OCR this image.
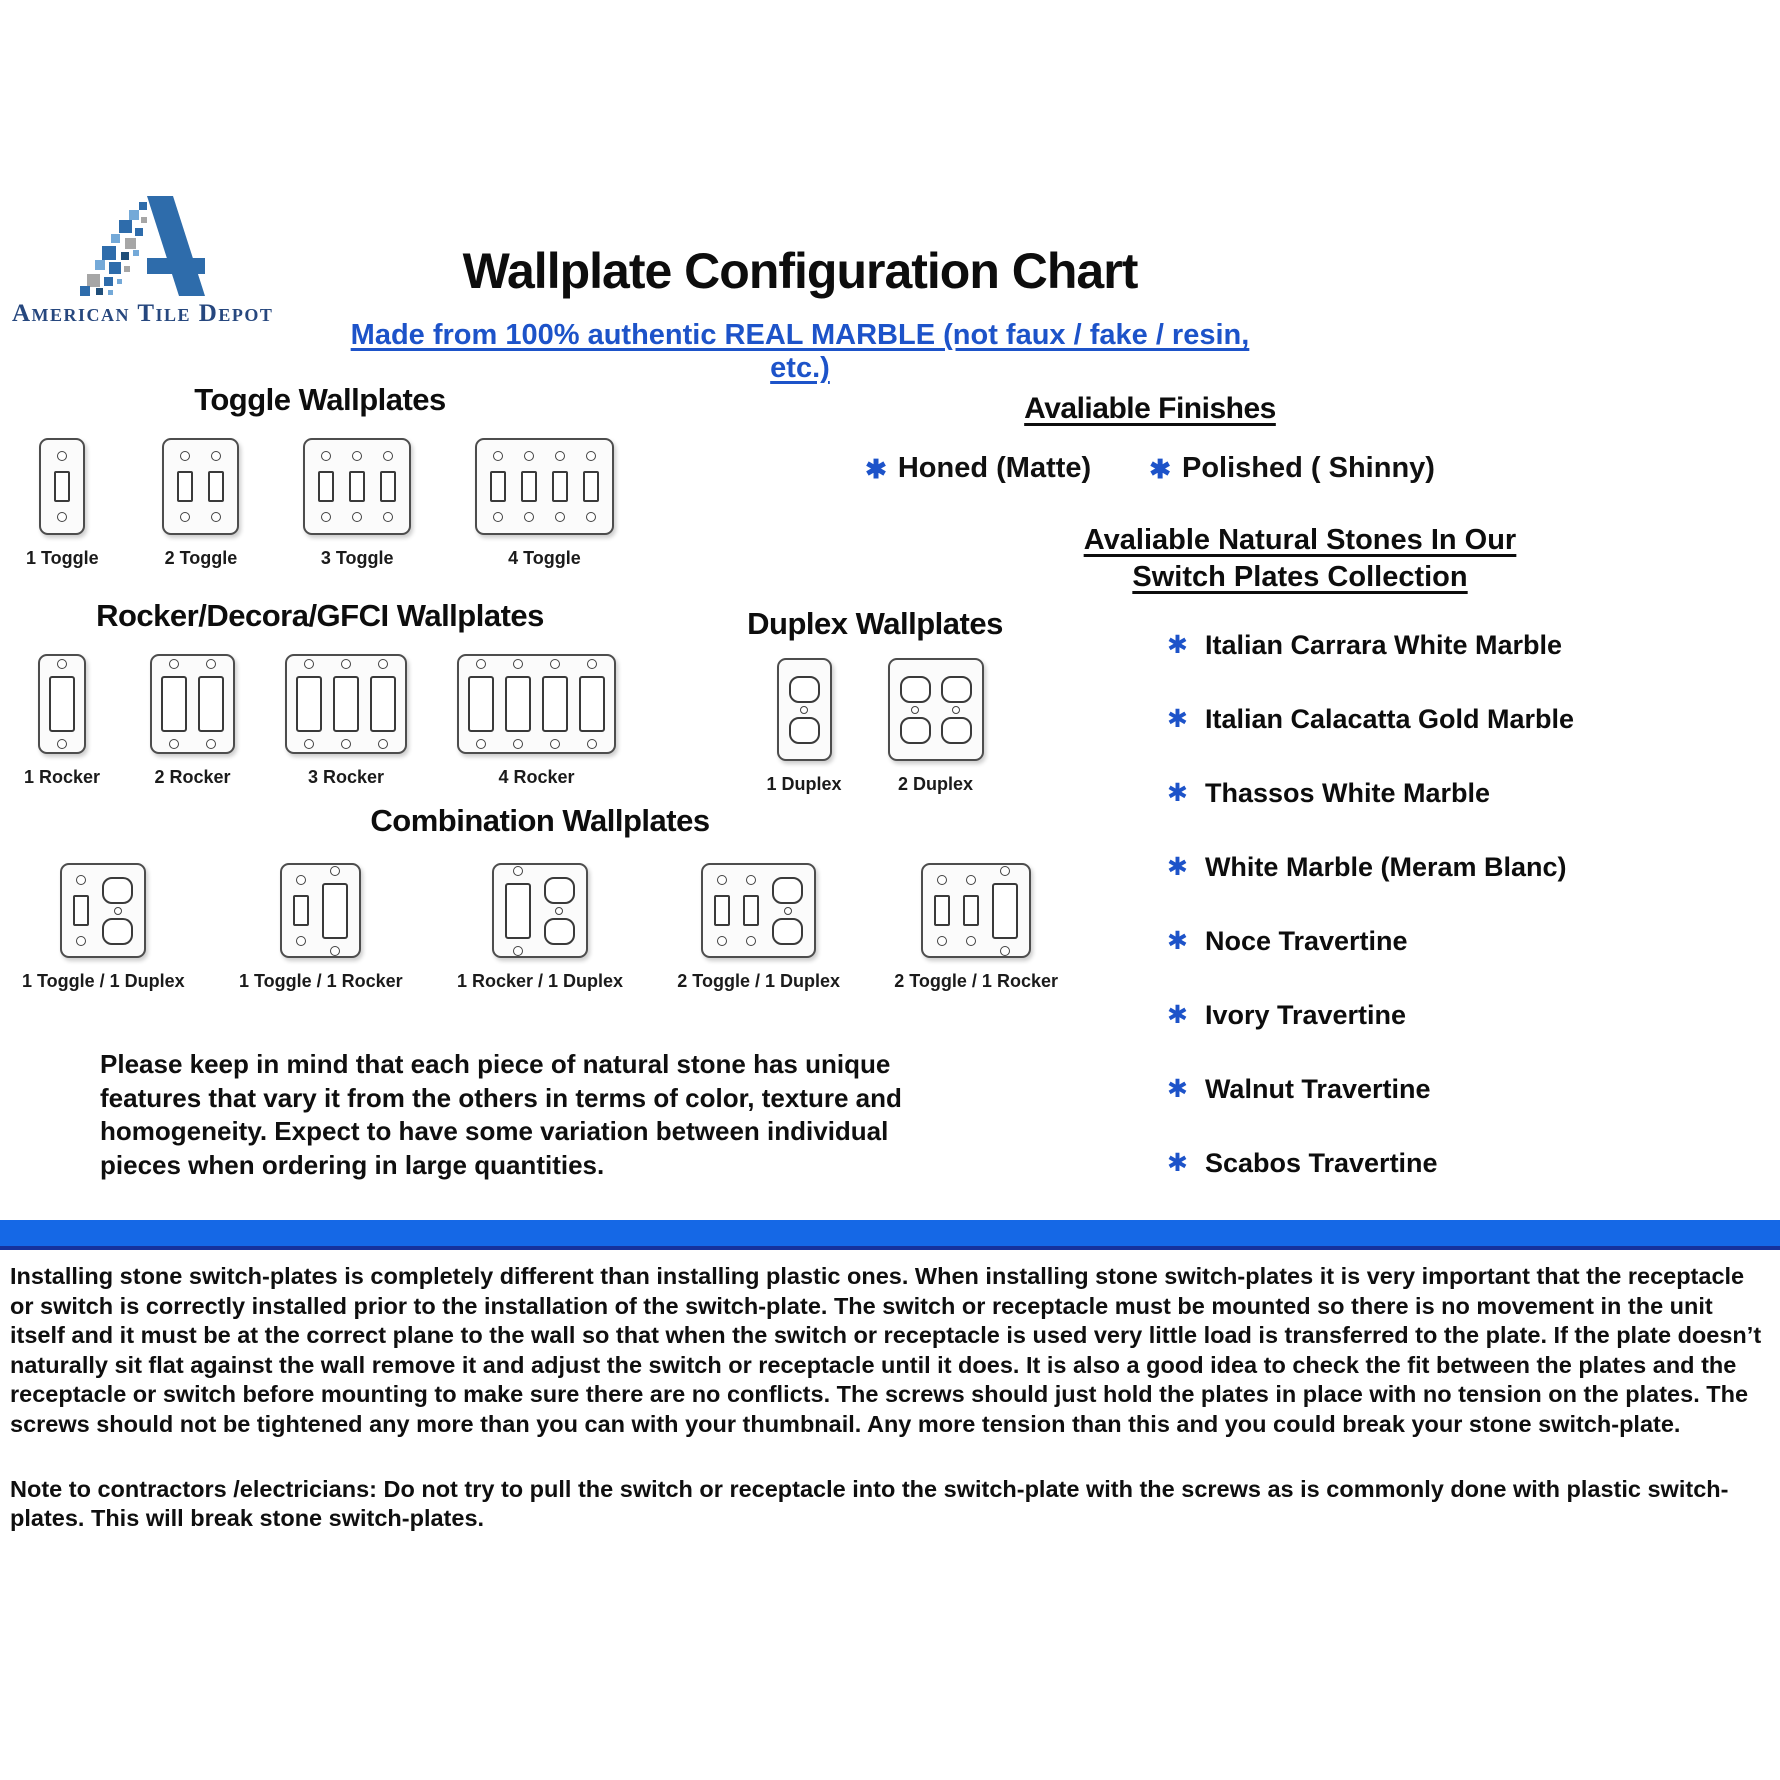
American Tile Depot
Wallplate Configuration Chart
Made from 100% authentic REAL MARBLE (not faux / fake / resin, etc.)
Toggle Wallplates
1 Toggle	2 Toggle	3 Toggle	4 Toggle
Rocker/Decora/GFCI Wallplates
1 Rocker	2 Rocker	3 Rocker	4 Rocker
Duplex Wallplates
1 Duplex	2 Duplex
Combination Wallplates
1 Toggle / 1 Duplex	1 Toggle / 1 Rocker	1 Rocker / 1 Duplex	2 Toggle / 1 Duplex	2 Toggle / 1 Rocker
Avaliable Finishes
✱ Honed (Matte) ✱ Polished ( Shinny)
Avaliable Natural Stones In Our
Switch Plates Collection
✱ Italian Carrara White Marble
✱ Italian Calacatta Gold Marble
✱ Thassos White Marble
✱ White Marble (Meram Blanc)
✱ Noce Travertine
✱ Ivory Travertine
✱ Walnut Travertine
✱ Scabos Travertine
Please keep in mind that each piece of natural stone has unique features that vary it from the others in terms of color, texture and homogeneity. Expect to have some variation between individual pieces when ordering in large quantities.

Installing stone switch-plates is completely different than installing plastic ones. When installing stone switch-plates it is very important that the receptacle or switch is correctly installed prior to the installation of the switch-plate. The switch or receptacle must be mounted so there is no movement in the unit itself and it must be at the correct plane to the wall so that when the switch or receptacle is used very little load is transferred to the plate. If the plate doesn’t naturally sit flat against the wall remove it and adjust the switch or receptacle until it does. It is also a good idea to check the fit between the plates and the receptacle or switch before mounting to make sure there are no conflicts. The screws should just hold the plates in place with no tension on the plates. The screws should not be tightened any more than you can with your thumbnail. Any more tension than this and you could break your stone switch-plate.

Note to contractors /electricians: Do not try to pull the switch or receptacle into the switch-plate with the screws as is commonly done with plastic switch-plates. This will break stone switch-plates.
